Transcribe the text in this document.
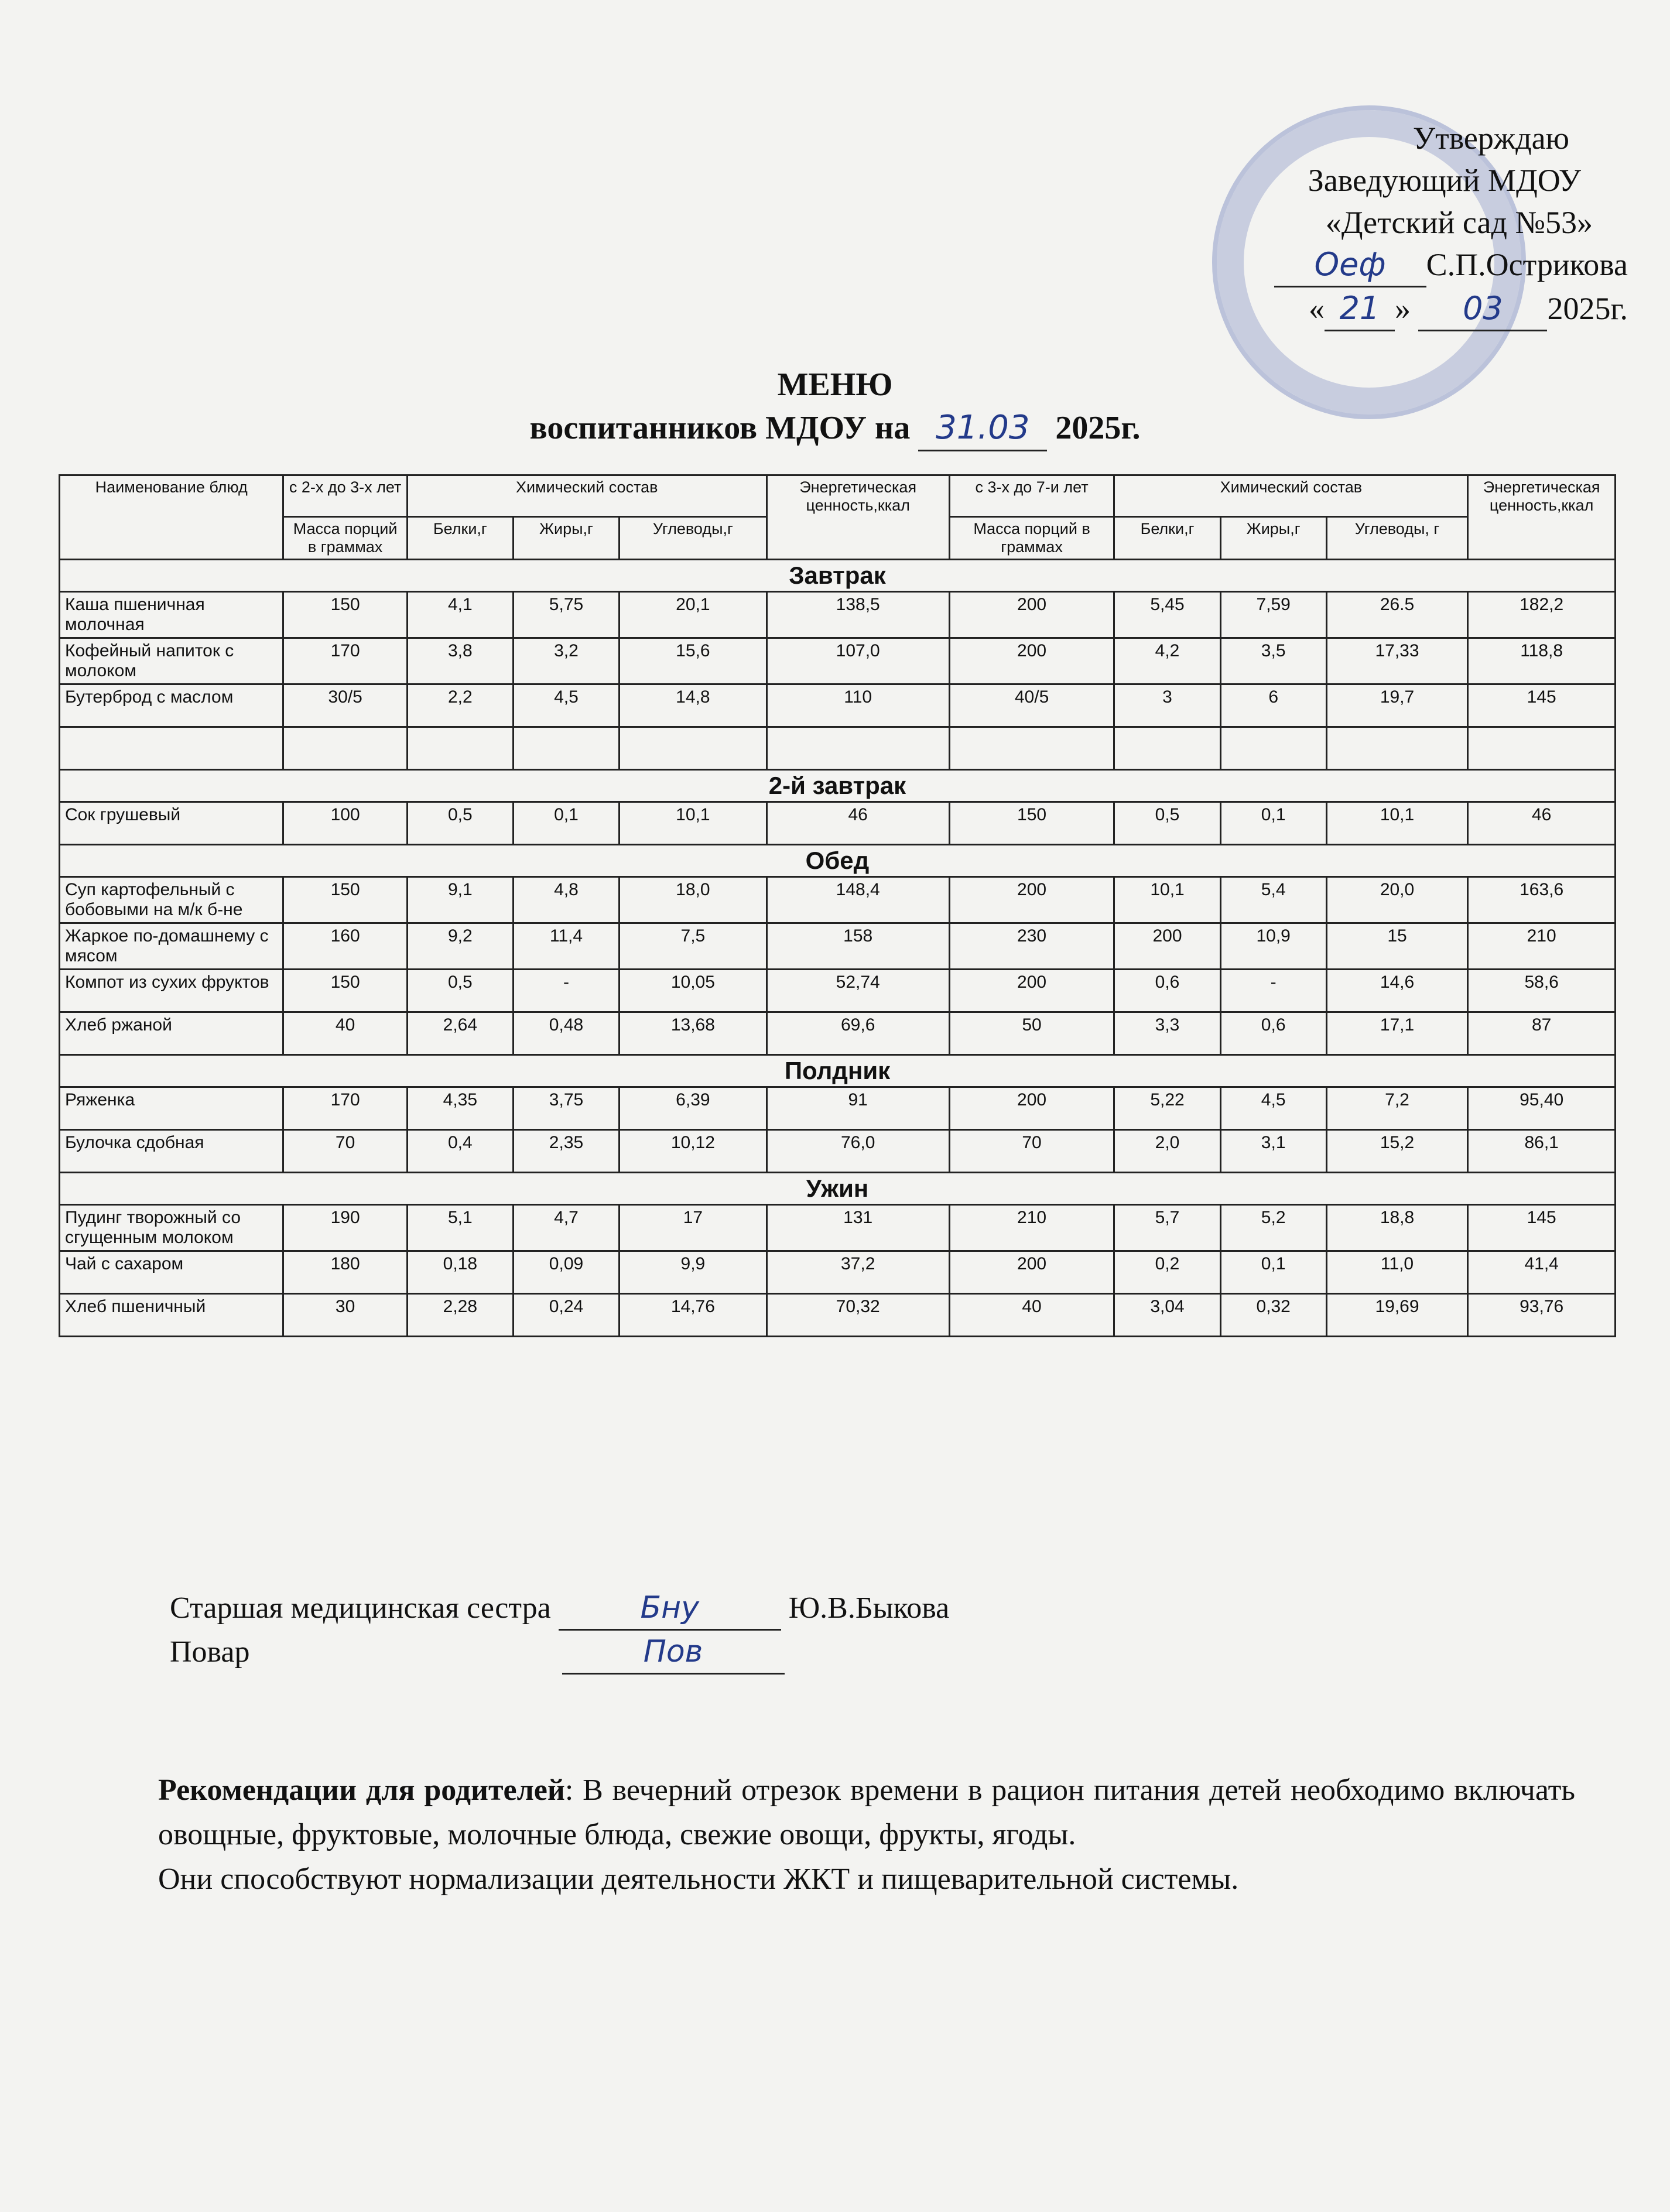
Утверждаю
Заведующий МДОУ
«Детский сад №53»
Оеф С.П.Острикова
« 21 » 03 2025г.
МЕНЮ
воспитанников МДОУ на 31.03 2025г.
Наименование блюд	с 2-х до 3-х лет	Химический состав			Энергетическая ценность,ккал	с 3-х до 7-и лет	Химический состав			Энергетическая ценность,ккал
	Масса порций в граммах	Белки,г	Жиры,г	Углеводы,г		Масса порций в граммах	Белки,г	Жиры,г	Углеводы, г	
Завтрак										
Каша пшеничная молочная	150	4,1	5,75	20,1	138,5	200	5,45	7,59	26.5	182,2
Кофейный напиток с молоком	170	3,8	3,2	15,6	107,0	200	4,2	3,5	17,33	118,8
Бутерброд с маслом	30/5	2,2	4,5	14,8	110	40/5	3	6	19,7	145

2-й завтрак										
Сок грушевый	100	0,5	0,1	10,1	46	150	0,5	0,1	10,1	46
Обед										
Суп картофельный с бобовыми на м/к б-не	150	9,1	4,8	18,0	148,4	200	10,1	5,4	20,0	163,6
Жаркое по-домашнему с мясом	160	9,2	11,4	7,5	158	230	200	10,9	15	210
Компот из сухих фруктов	150	0,5	-	10,05	52,74	200	0,6	-	14,6	58,6
Хлеб ржаной	40	2,64	0,48	13,68	69,6	50	3,3	0,6	17,1	87
Полдник										
Ряженка	170	4,35	3,75	6,39	91	200	5,22	4,5	7,2	95,40
Булочка сдобная	70	0,4	2,35	10,12	76,0	70	2,0	3,1	15,2	86,1
Ужин										
Пудинг творожный со сгущенным молоком	190	5,1	4,7	17	131	210	5,7	5,2	18,8	145
Чай с сахаром	180	0,18	0,09	9,9	37,2	200	0,2	0,1	11,0	41,4
Хлеб пшеничный	30	2,28	0,24	14,76	70,32	40	3,04	0,32	19,69	93,76
Старшая медицинская сестра	Бну	Ю.В.Быкова
Повар	Пов
Рекомендации для родителей: В вечерний отрезок времени в рацион питания детей необходимо включать овощные, фруктовые, молочные блюда, свежие овощи, фрукты, ягоды.
Они способствуют нормализации деятельности ЖКТ и пищеварительной системы.
